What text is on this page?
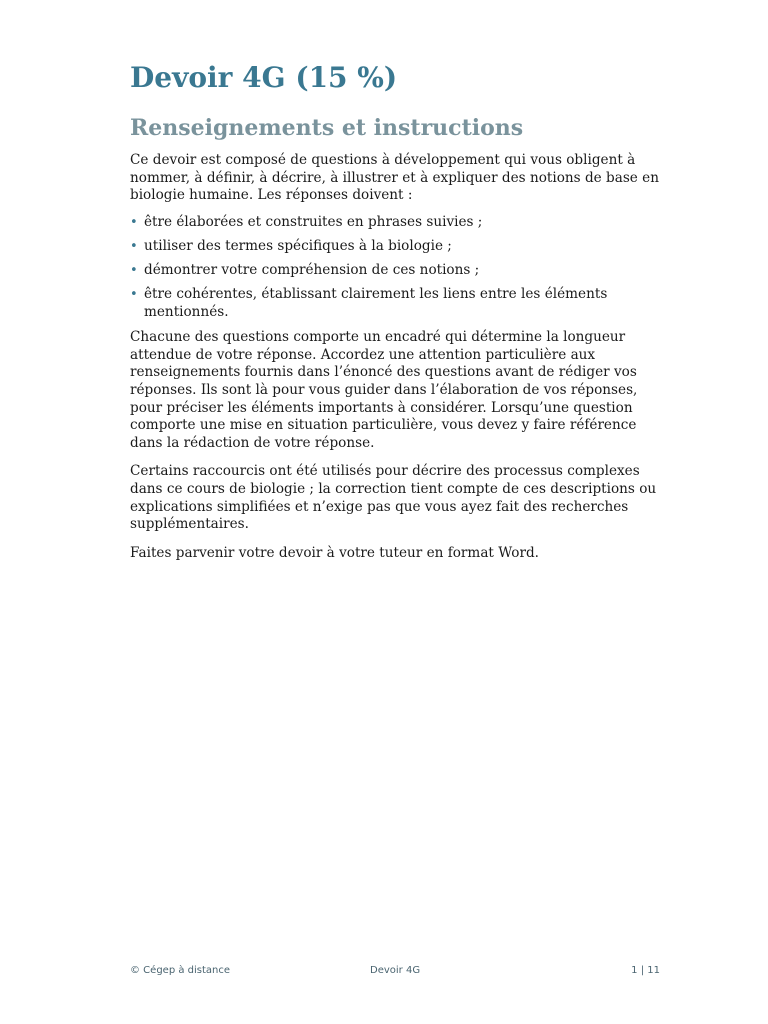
Devoir 4G (15 %)
Renseignements et instructions

Ce devoir est composé de questions à développement qui vous obligent à nommer, à définir, à décrire, à illustrer et à expliquer des notions de base en biologie humaine. Les réponses doivent :

• être élaborées et construites en phrases suivies ;
• utiliser des termes spécifiques à la biologie ;
• démontrer votre compréhension de ces notions ;
• être cohérentes, établissant clairement les liens entre les éléments mentionnés.

Chacune des questions comporte un encadré qui détermine la longueur attendue de votre réponse. Accordez une attention particulière aux renseignements fournis dans l’énoncé des questions avant de rédiger vos réponses. Ils sont là pour vous guider dans l’élaboration de vos réponses, pour préciser les éléments importants à considérer. Lorsqu’une question comporte une mise en situation particulière, vous devez y faire référence dans la rédaction de votre réponse.

Certains raccourcis ont été utilisés pour décrire des processus complexes dans ce cours de biologie ; la correction tient compte de ces descriptions ou explications simplifiées et n’exige pas que vous ayez fait des recherches supplémentaires.

Faites parvenir votre devoir à votre tuteur en format Word.

© Cégep à distance	Devoir 4G	1 | 11
